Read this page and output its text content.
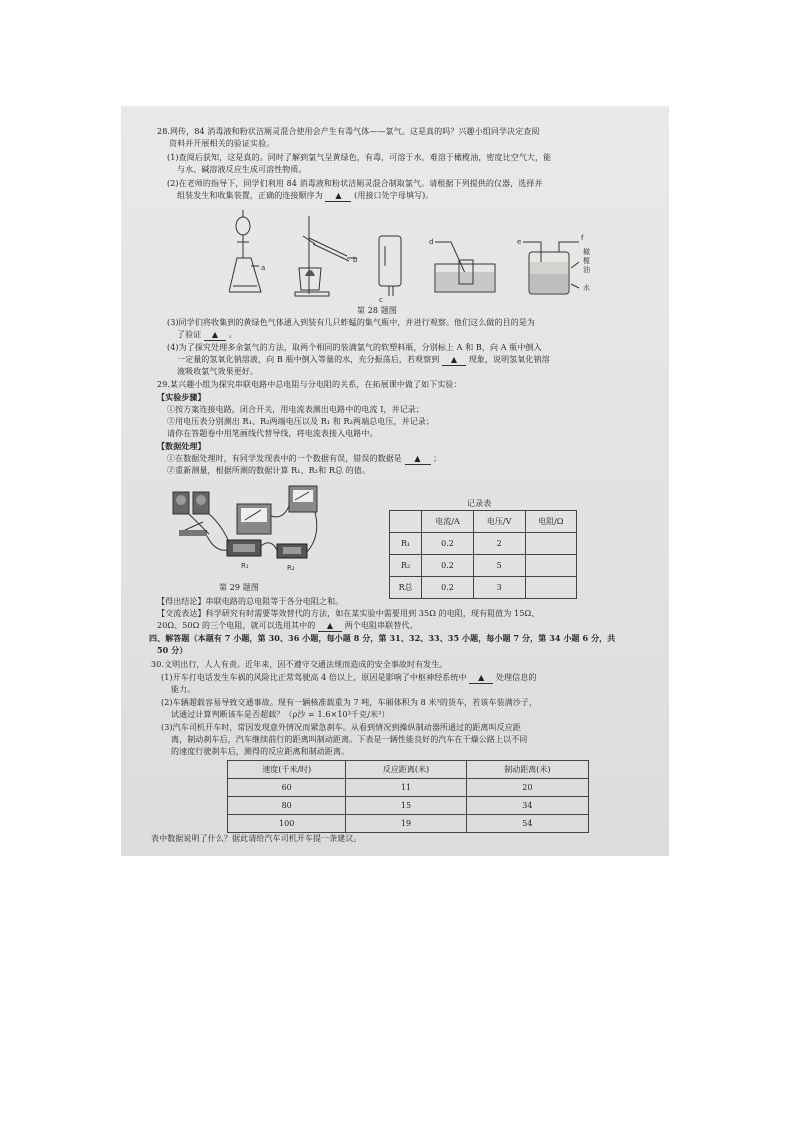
28.网传，84 消毒液和粉状洁厕灵混合使用会产生有毒气体——氯气。这是真的吗？兴趣小组同学决定查阅
资料并开展相关的验证实验。
(1)查阅后获知，这是真的。同时了解到氯气呈黄绿色，有毒，可溶于水，难溶于橄榄油，密度比空气大，能
与水、碱溶液反应生成可溶性物质。
(2)在老师的指导下，同学们利用 84 消毒液和粉状洁厕灵混合制取氯气。请根据下列提供的仪器，选择并
组装发生和收集装置，正确的连接顺序为 ▲ (用接口处字母填写)。
a
b
c
d	e	f
橄
榄
油
水
第 28 题图
(3)同学们将收集到的黄绿色气体通入到装有几只蚱蜢的集气瓶中，并进行观察。他们这么做的目的是为
了验证 ▲ 。
(4)为了探究处理多余氯气的方法，取两个相同的装满氯气的软塑料瓶，分别标上 A 和 B，向 A 瓶中倒入
一定量的氢氧化钠溶液，向 B 瓶中倒入等量的水，充分振荡后，若观察到 ▲ 现象，说明氢氧化钠溶
液吸收氯气效果更好。
29.某兴趣小组为探究串联电路中总电阻与分电阻的关系，在拓展课中做了如下实验：
【实验步骤】
①按方案连接电路，闭合开关，用电流表测出电路中的电流 I，并记录；
②用电压表分别测出 R₁、R₂两端电压以及 R₁ 和 R₂两端总电压，并记录；
请你在答题卷中用笔画线代替导线，将电流表接入电路中。
【数据处理】
①在数据处理时，有同学发现表中的一个数据有误，错误的数据是 ▲ ；
②重新测量，根据所测的数据计算 R₁、R₂和 R总 的值。
R₁	R₂
第 29 题图
记录表
	电流/A	电压/V	电阻/Ω
R₁	0.2	2	
R₂	0.2	5	
R总	0.2	3	
【得出结论】串联电路的总电阻等于各分电阻之和。
【交流表达】科学研究有时需要等效替代的方法，如在某实验中需要用到 35Ω 的电阻，现有阻值为 15Ω、
20Ω、50Ω 的三个电阻，就可以选用其中的 ▲ 两个电阻串联替代。
四、解答题（本题有 7 小题，第 30、36 小题，每小题 8 分，第 31、32、33、35 小题，每小题 7 分，第 34 小题 6 分，共
50 分）
30.文明出行，人人有责。近年来，因不遵守交通法规而造成的安全事故时有发生。
(1)开车打电话发生车祸的风险比正常驾驶高 4 倍以上，原因是影响了中枢神经系统中 ▲ 处理信息的
能力。
(2)车辆超载容易导致交通事故。现有一辆核准载重为 7 吨，车厢体积为 8 米³的货车，若该车装满沙子，
试通过计算判断该车是否超载？（ρ沙 = 1.6×10³千克/米³）
(3)汽车司机开车时，常因发现意外情况而紧急刹车。从看到情况到操纵制动器所通过的距离叫反应距
离，制动刹车后，汽车继续前行的距离叫制动距离。下表是一辆性能良好的汽车在干燥公路上以不同
的速度行驶刹车后，测得的反应距离和制动距离。
速度(千米/时)	反应距离(米)	制动距离(米)
60	11	20
80	15	34
100	19	54
表中数据说明了什么？据此请给汽车司机开车提一条建议。
